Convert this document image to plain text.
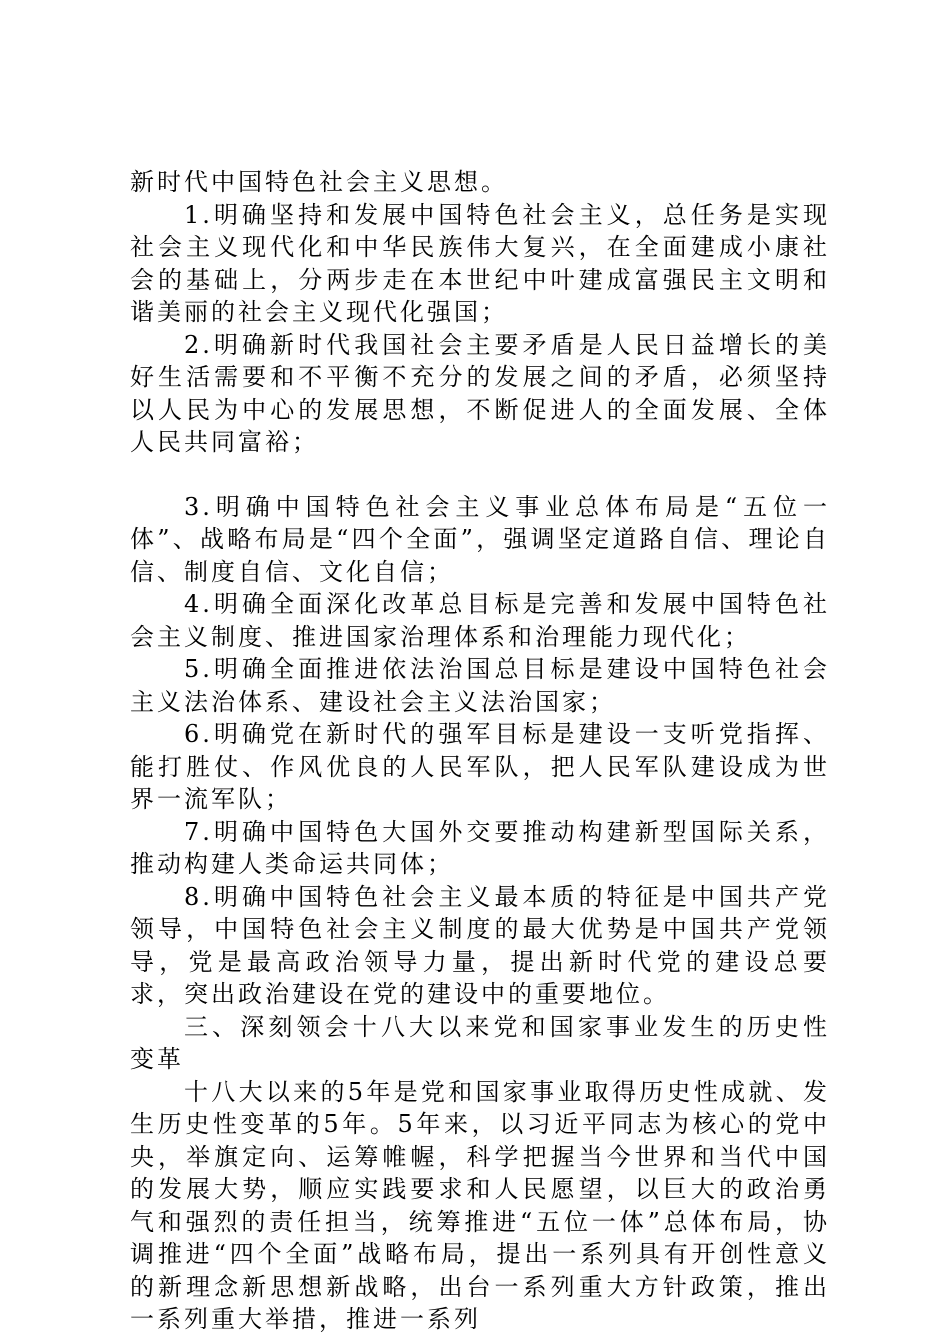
新时代中国特色社会主义思想。

1.明确坚持和发展中国特色社会主义，总任务是实现社会主义现代化和中华民族伟大复兴，在全面建成小康社会的基础上，分两步走在本世纪中叶建成富强民主文明和谐美丽的社会主义现代化强国；

2.明确新时代我国社会主要矛盾是人民日益增长的美好生活需要和不平衡不充分的发展之间的矛盾，必须坚持以人民为中心的发展思想，不断促进人的全面发展、全体人民共同富裕；

3.明确中国特色社会主义事业总体布局是“五位一体”、战略布局是“四个全面”，强调坚定道路自信、理论自信、制度自信、文化自信；

4.明确全面深化改革总目标是完善和发展中国特色社会主义制度、推进国家治理体系和治理能力现代化；

5.明确全面推进依法治国总目标是建设中国特色社会主义法治体系、建设社会主义法治国家；

6.明确党在新时代的强军目标是建设一支听党指挥、能打胜仗、作风优良的人民军队，把人民军队建设成为世界一流军队；

7.明确中国特色大国外交要推动构建新型国际关系，推动构建人类命运共同体；

8.明确中国特色社会主义最本质的特征是中国共产党领导，中国特色社会主义制度的最大优势是中国共产党领导，党是最高政治领导力量，提出新时代党的建设总要求，突出政治建设在党的建设中的重要地位。

三、深刻领会十八大以来党和国家事业发生的历史性变革

十八大以来的5年是党和国家事业取得历史性成就、发生历史性变革的5年。5年来，以习近平同志为核心的党中央，举旗定向、运筹帷幄，科学把握当今世界和当代中国的发展大势，顺应实践要求和人民愿望，以巨大的政治勇气和强烈的责任担当，统筹推进“五位一体”总体布局，协调推进“四个全面”战略布局，提出一系列具有开创性意义的新理念新思想新战略，出台一系列重大方针政策，推出一系列重大举措，推进一系列
